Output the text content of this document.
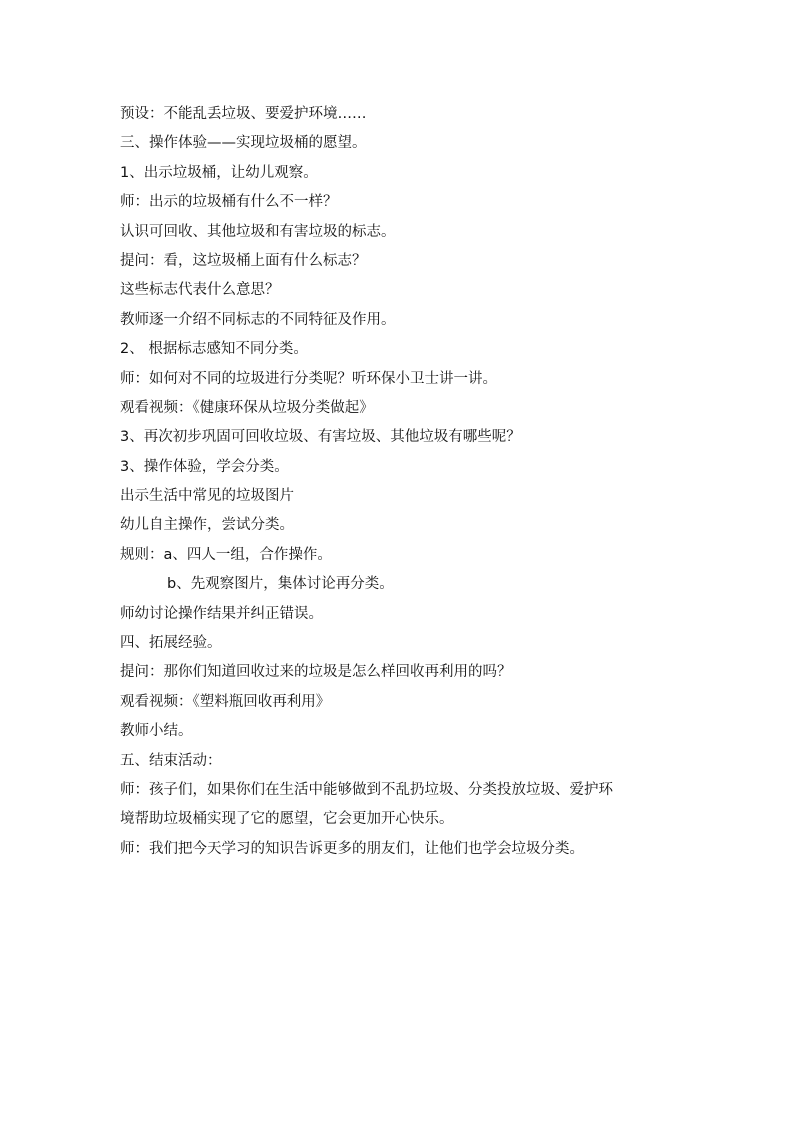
预设：不能乱丢垃圾、要爱护环境……
三、操作体验——实现垃圾桶的愿望。
1、出示垃圾桶，让幼儿观察。
师：出示的垃圾桶有什么不一样？
认识可回收、其他垃圾和有害垃圾的标志。
提问：看，这垃圾桶上面有什么标志？
这些标志代表什么意思？
教师逐一介绍不同标志的不同特征及作用。
2、 根据标志感知不同分类。
师：如何对不同的垃圾进行分类呢？听环保小卫士讲一讲。
观看视频：《健康环保从垃圾分类做起》
3、再次初步巩固可回收垃圾、有害垃圾、其他垃圾有哪些呢？
3、操作体验，学会分类。
出示生活中常见的垃圾图片
幼儿自主操作，尝试分类。
规则：a、四人一组，合作操作。
b、先观察图片，集体讨论再分类。
师幼讨论操作结果并纠正错误。
四、拓展经验。
提问：那你们知道回收过来的垃圾是怎么样回收再利用的吗？
观看视频：《塑料瓶回收再利用》
教师小结。
五、结束活动：
师：孩子们，如果你们在生活中能够做到不乱扔垃圾、分类投放垃圾、爱护环
境帮助垃圾桶实现了它的愿望，它会更加开心快乐。
师：我们把今天学习的知识告诉更多的朋友们，让他们也学会垃圾分类。
